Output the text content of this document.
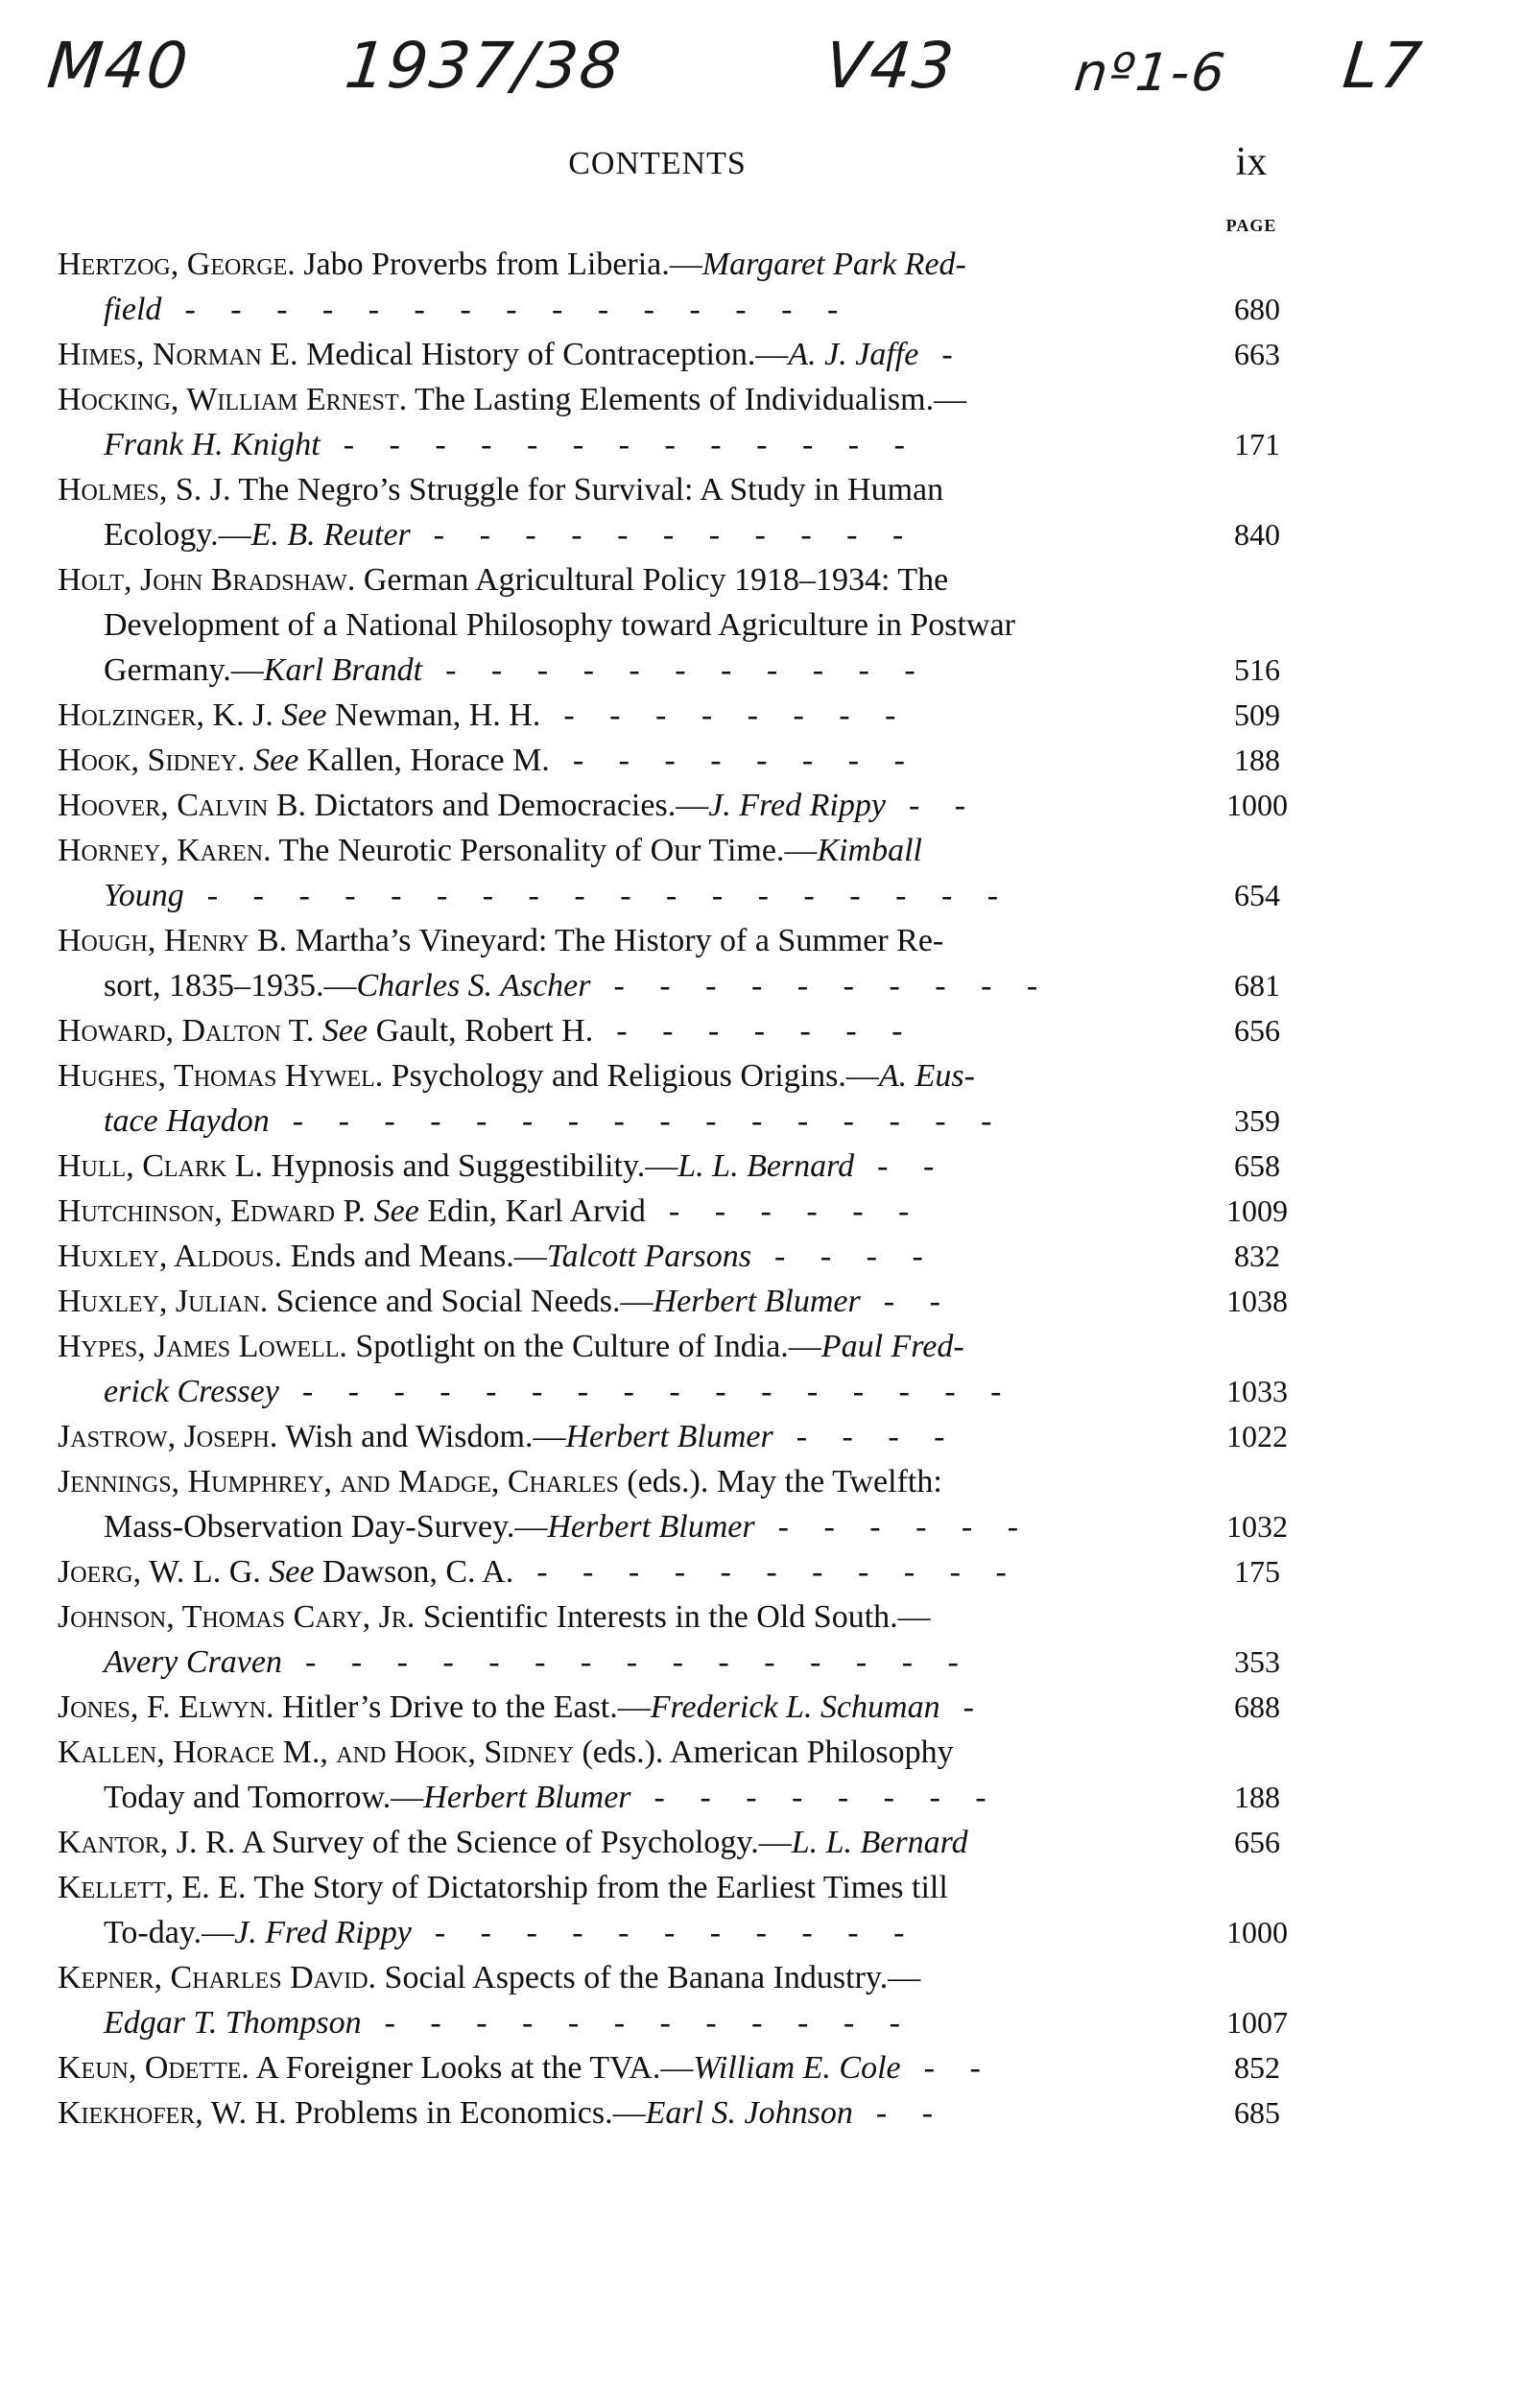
M40 1937/38	V43 nº1-6 L7
CONTENTS	ix
PAGE
Hertzog, George. Jabo Proverbs from Liberia.—Margaret Park Red-
field - - - - - - - - - - - - - - -	680
Himes, Norman E. Medical History of Contraception.—A. J. Jaffe -	663
Hocking, William Ernest. The Lasting Elements of Individualism.—
Frank H. Knight - - - - - - - - - - - - -	171
Holmes, S. J. The Negro’s Struggle for Survival: A Study in Human
Ecology.—E. B. Reuter - - - - - - - - - - -	840
Holt, John Bradshaw. German Agricultural Policy 1918–1934: The
Development of a National Philosophy toward Agriculture in Postwar
Germany.—Karl Brandt - - - - - - - - - - -	516
Holzinger, K. J. See Newman, H. H. - - - - - - - -	509
Hook, Sidney. See Kallen, Horace M. - - - - - - - -	188
Hoover, Calvin B. Dictators and Democracies.—J. Fred Rippy - -	1000
Horney, Karen. The Neurotic Personality of Our Time.—Kimball
Young - - - - - - - - - - - - - - - - - -	654
Hough, Henry B. Martha’s Vineyard: The History of a Summer Re-
sort, 1835–1935.—Charles S. Ascher - - - - - - - - - -	681
Howard, Dalton T. See Gault, Robert H. - - - - - - -	656
Hughes, Thomas Hywel. Psychology and Religious Origins.—A. Eus-
tace Haydon - - - - - - - - - - - - - - - -	359
Hull, Clark L. Hypnosis and Suggestibility.—L. L. Bernard - -	658
Hutchinson, Edward P. See Edin, Karl Arvid - - - - - -	1009
Huxley, Aldous. Ends and Means.—Talcott Parsons - - - -	832
Huxley, Julian. Science and Social Needs.—Herbert Blumer - -	1038
Hypes, James Lowell. Spotlight on the Culture of India.—Paul Fred-
erick Cressey - - - - - - - - - - - - - - - -	1033
Jastrow, Joseph. Wish and Wisdom.—Herbert Blumer - - - -	1022
Jennings, Humphrey, and Madge, Charles (eds.). May the Twelfth:
Mass-Observation Day-Survey.—Herbert Blumer - - - - - -	1032
Joerg, W. L. G. See Dawson, C. A. - - - - - - - - - - -	175
Johnson, Thomas Cary, Jr. Scientific Interests in the Old South.—
Avery Craven - - - - - - - - - - - - - - -	353
Jones, F. Elwyn. Hitler’s Drive to the East.—Frederick L. Schuman -	688
Kallen, Horace M., and Hook, Sidney (eds.). American Philosophy
Today and Tomorrow.—Herbert Blumer - - - - - - - -	188
Kantor, J. R. A Survey of the Science of Psychology.—L. L. Bernard	656
Kellett, E. E. The Story of Dictatorship from the Earliest Times till
To-day.—J. Fred Rippy - - - - - - - - - - -	1000
Kepner, Charles David. Social Aspects of the Banana Industry.—
Edgar T. Thompson - - - - - - - - - - - -	1007
Keun, Odette. A Foreigner Looks at the TVA.—William E. Cole - -	852
Kiekhofer, W. H. Problems in Economics.—Earl S. Johnson - -	685
